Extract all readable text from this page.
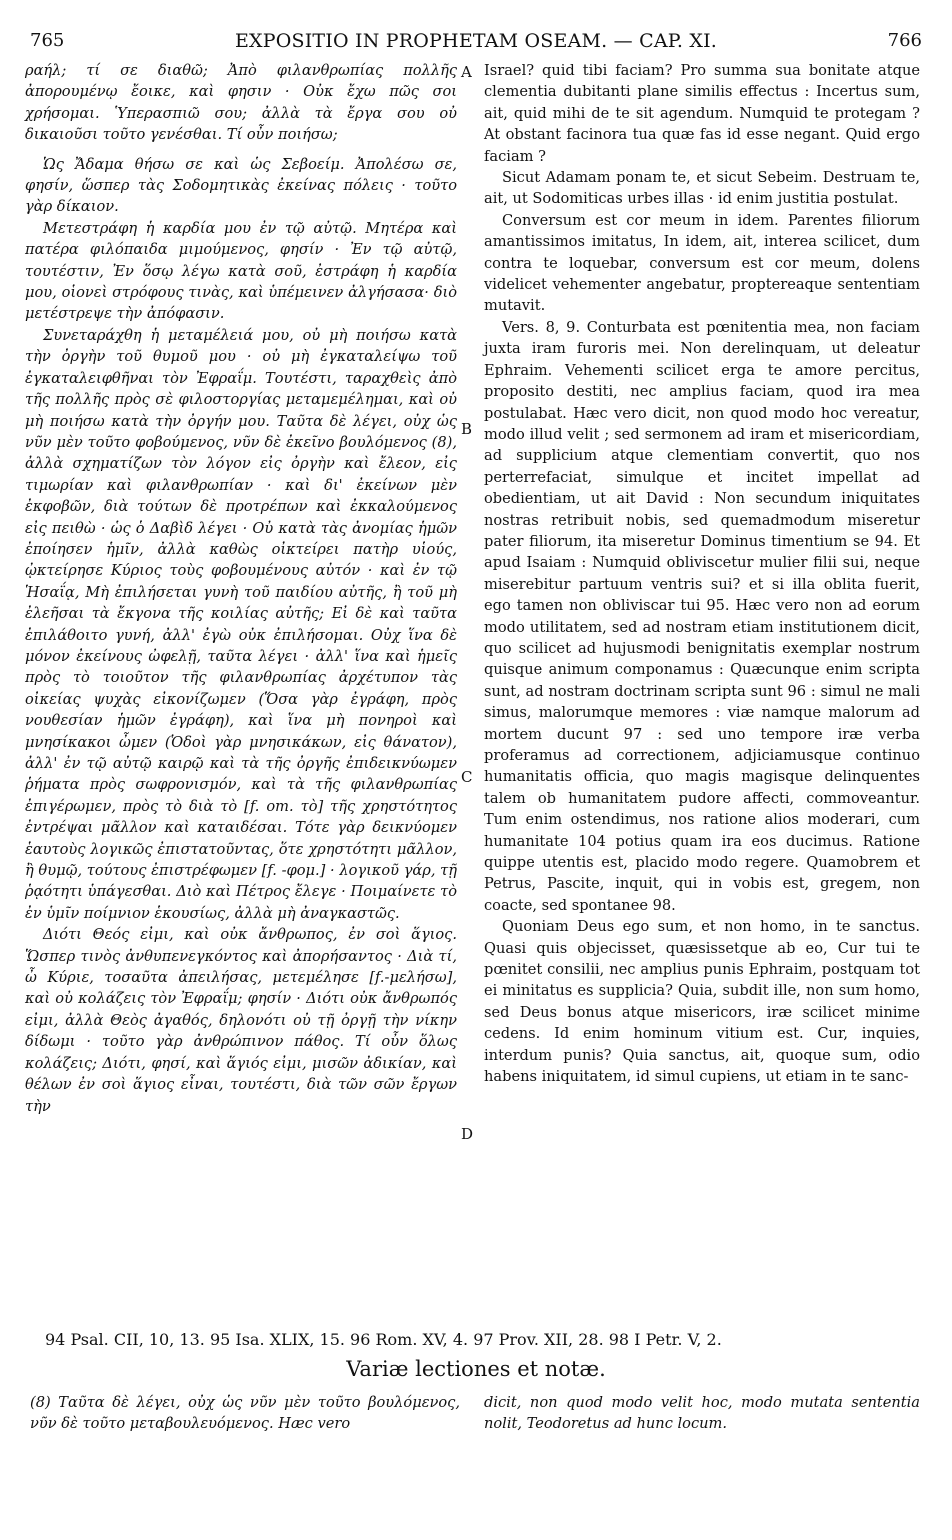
765	EXPOSITIO IN PROPHETAM OSEAM. — CAP. XI.	766
A
B
C
D

ραήλ; τί σε διαθῶ; Ἀπὸ φιλανθρωπίας πολλῆς ἀπορουμένῳ ἔοικε, καὶ φησιν · Οὐκ ἔχω πῶς σοι χρήσομαι. Ὑπερασπιῶ σου; ἀλλὰ τὰ ἔργα σου οὐ δικαιοῦσι τοῦτο γενέσθαι. Τί οὖν ποιήσω;

Ὡς Ἄδαμα θήσω σε καὶ ὡς Σεβοείμ. Ἀπολέσω σε, φησίν, ὥσπερ τὰς Σοδομητικὰς ἐκείνας πόλεις · τοῦτο γὰρ δίκαιον.

Μετεστράφη ἡ καρδία μου ἐν τῷ αὐτῷ. Μητέρα καὶ πατέρα φιλόπαιδα μιμούμενος, φησίν · Ἐν τῷ αὐτῷ, τουτέστιν, Ἐν ὅσῳ λέγω κατὰ σοῦ, ἐστράφη ἡ καρδία μου, οἱονεὶ στρόφους τινὰς, καὶ ὑπέμεινεν ἀλγήσασα· διὸ μετέστρεψε τὴν ἀπόφασιν.

Συνεταράχθη ἡ μεταμέλειά μου, οὐ μὴ ποιήσω κατὰ τὴν ὀργὴν τοῦ θυμοῦ μου · οὐ μὴ ἐγκαταλείψω τοῦ ἐγκαταλειφθῆναι τὸν Ἐφραΐμ. Τουτέστι, ταραχθεὶς ἀπὸ τῆς πολλῆς πρὸς σὲ φιλοστοργίας μεταμεμέλημαι, καὶ οὐ μὴ ποιήσω κατὰ τὴν ὀργήν μου. Ταῦτα δὲ λέγει, οὐχ ὡς νῦν μὲν τοῦτο φοβούμενος, νῦν δὲ ἐκεῖνο βουλόμενος (8), ἀλλὰ σχηματίζων τὸν λόγον εἰς ὀργὴν καὶ ἔλεον, εἰς τιμωρίαν καὶ φιλανθρωπίαν · καὶ δι' ἐκείνων μὲν ἐκφοβῶν, διὰ τούτων δὲ προτρέπων καὶ ἐκκαλούμενος εἰς πειθὼ · ὡς ὁ Δαβὶδ λέγει · Οὐ κατὰ τὰς ἀνομίας ἡμῶν ἐποίησεν ἡμῖν, ἀλλὰ καθὼς οἰκτείρει πατὴρ υἱούς, ᾠκτείρησε Κύριος τοὺς φοβουμένους αὐτόν · καὶ ἐν τῷ Ἡσαΐᾳ, Μὴ ἐπιλήσεται γυνὴ τοῦ παιδίου αὐτῆς, ἢ τοῦ μὴ ἐλεῆσαι τὰ ἔκγονα τῆς κοιλίας αὐτῆς; Εἰ δὲ καὶ ταῦτα ἐπιλάθοιτο γυνή, ἀλλ' ἐγὼ οὐκ ἐπιλήσομαι. Οὐχ ἵνα δὲ μόνον ἐκείνους ὠφελῇ, ταῦτα λέγει · ἀλλ' ἵνα καὶ ἡμεῖς πρὸς τὸ τοιοῦτον τῆς φιλανθρωπίας ἀρχέτυπον τὰς οἰκείας ψυχὰς εἰκονίζωμεν (Ὅσα γὰρ ἐγράφη, πρὸς νουθεσίαν ἡμῶν ἐγράφη), καὶ ἵνα μὴ πονηροὶ καὶ μνησίκακοι ὦμεν (Ὁδοὶ γὰρ μνησικάκων, εἰς θάνατον), ἀλλ' ἐν τῷ αὐτῷ καιρῷ καὶ τὰ τῆς ὀργῆς ἐπιδεικνύωμεν ῥήματα πρὸς σωφρονισμόν, καὶ τὰ τῆς φιλανθρωπίας ἐπιγέρωμεν, πρὸς τὸ διὰ τὸ [f. om. τὸ] τῆς χρηστότητος ἐντρέψαι μᾶλλον καὶ καταιδέσαι. Τότε γὰρ δεικνύομεν ἑαυτοὺς λογικῶς ἐπιστατοῦντας, ὅτε χρηστότητι μᾶλλον, ἢ θυμῷ, τούτους ἐπιστρέφωμεν [f. -φομ.] · λογικοῦ γάρ, τῇ ῥᾳότητι ὑπάγεσθαι. Διὸ καὶ Πέτρος ἔλεγε · Ποιμαίνετε τὸ ἐν ὑμῖν ποίμνιον ἑκουσίως, ἀλλὰ μὴ ἀναγκαστῶς.

Διότι Θεός εἰμι, καὶ οὐκ ἄνθρωπος, ἐν σοὶ ἅγιος. Ὥσπερ τινὸς ἀνθυπενεγκόντος καὶ ἀπορήσαντος · Διὰ τί, ὦ Κύριε, τοσαῦτα ἀπειλήσας, μετεμέλησε [f.-μελήσω], καὶ οὐ κολάζεις τὸν Ἐφραΐμ; φησίν · Διότι οὐκ ἄνθρωπός εἰμι, ἀλλὰ Θεὸς ἀγαθός, δηλονότι οὐ τῇ ὀργῇ τὴν νίκην δίδωμι · τοῦτο γὰρ ἀνθρώπινον πάθος. Τί οὖν ὅλως κολάζεις; Διότι, φησί, καὶ ἅγιός εἰμι, μισῶν ἀδικίαν, καὶ θέλων ἐν σοὶ ἅγιος εἶναι, τουτέστι, διὰ τῶν σῶν ἔργων τὴν

Israel? quid tibi faciam? Pro summa sua bonitate atque clementia dubitanti plane similis effectus : Incertus sum, ait, quid mihi de te sit agendum. Numquid te protegam ? At obstant facinora tua quæ fas id esse negant. Quid ergo faciam ?

Sicut Adamam ponam te, et sicut Sebeim. Destruam te, ait, ut Sodomiticas urbes illas · id enim justitia postulat.

Conversum est cor meum in idem. Parentes filiorum amantissimos imitatus, In idem, ait, interea scilicet, dum contra te loquebar, conversum est cor meum, dolens videlicet vehementer angebatur, proptereaque sententiam mutavit.

Vers. 8, 9. Conturbata est pœnitentia mea, non faciam juxta iram furoris mei. Non derelinquam, ut deleatur Ephraim. Vehementi scilicet erga te amore percitus, proposito destiti, nec amplius faciam, quod ira mea postulabat. Hæc vero dicit, non quod modo hoc vereatur, modo illud velit ; sed sermonem ad iram et misericordiam, ad supplicium atque clementiam convertit, quo nos perterrefaciat, simulque et incitet impellat ad obedientiam, ut ait David : Non secundum iniquitates nostras retribuit nobis, sed quemadmodum miseretur pater filiorum, ita miseretur Dominus timentium se 94. Et apud Isaiam : Numquid obliviscetur mulier filii sui, neque miserebitur partuum ventris sui? et si illa oblita fuerit, ego tamen non obliviscar tui 95. Hæc vero non ad eorum modo utilitatem, sed ad nostram etiam institutionem dicit, quo scilicet ad hujusmodi benignitatis exemplar nostrum quisque animum componamus : Quæcunque enim scripta sunt, ad nostram doctrinam scripta sunt 96 : simul ne mali simus, malorumque memores : viæ namque malorum ad mortem ducunt 97 : sed uno tempore iræ verba proferamus ad correctionem, adjiciamusque continuo humanitatis officia, quo magis magisque delinquentes talem ob humanitatem pudore affecti, commoveantur. Tum enim ostendimus, nos ratione alios moderari, cum humanitate 104 potius quam ira eos ducimus. Ratione quippe utentis est, placido modo regere. Quamobrem et Petrus, Pascite, inquit, qui in vobis est, gregem, non coacte, sed spontanee 98.

Quoniam Deus ego sum, et non homo, in te sanctus. Quasi quis objecisset, quæsissetque ab eo, Cur tui te pœnitet consilii, nec amplius punis Ephraim, postquam tot ei minitatus es supplicia? Quia, subdit ille, non sum homo, sed Deus bonus atque misericors, iræ scilicet minime cedens. Id enim hominum vitium est. Cur, inquies, interdum punis? Quia sanctus, ait, quoque sum, odio habens iniquitatem, id simul cupiens, ut etiam in te sanc-

94 Psal. CII, 10, 13. 95 Isa. XLIX, 15. 96 Rom. XV, 4. 97 Prov. XII, 28. 98 I Petr. V, 2.
Variæ lectiones et notæ.

(8) Ταῦτα δὲ λέγει, οὐχ ὡς νῦν μὲν τοῦτο βουλόμενος, νῦν δὲ τοῦτο μεταβουλευόμενος. Hæc vero

dicit, non quod modo velit hoc, modo mutata sententia nolit, Teodoretus ad hunc locum.
